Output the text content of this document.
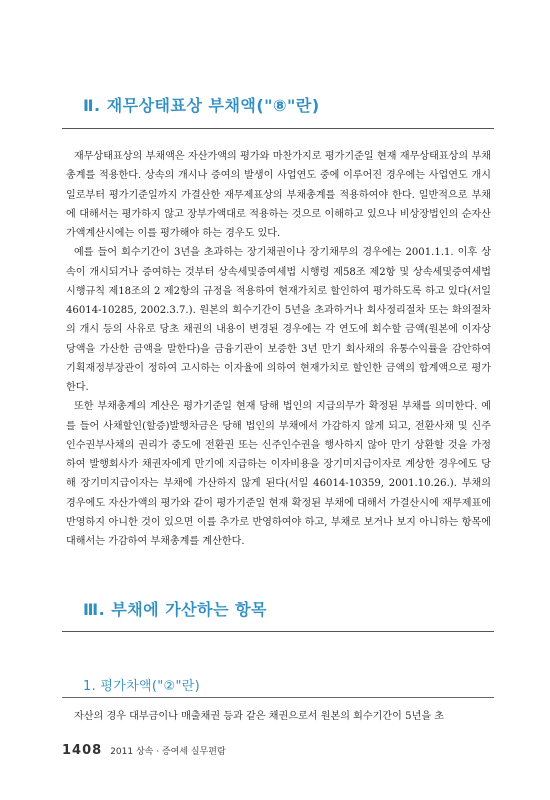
Ⅱ. 재무상태표상 부채액("⑧"란)

재무상태표상의 부채액은 자산가액의 평가와 마찬가지로 평가기준일 현재 재무상태표상의 부채총계를 적용한다. 상속의 개시나 증여의 발생이 사업연도 중에 이루어진 경우에는 사업연도 개시일로부터 평가기준일까지 가결산한 재무제표상의 부채총계를 적용하여야 한다. 일반적으로 부채에 대해서는 평가하지 않고 장부가액대로 적용하는 것으로 이해하고 있으나 비상장법인의 순자산가액계산시에는 이를 평가해야 하는 경우도 있다.

예를 들어 회수기간이 3년을 초과하는 장기채권이나 장기채무의 경우에는 2001.1.1. 이후 상속이 개시되거나 증여하는 것부터 상속세및증여세법 시행령 제58조 제2항 및 상속세및증여세법 시행규칙 제18조의 2 제2항의 규정을 적용하여 현재가치로 할인하여 평가하도록 하고 있다(서일 46014-10285, 2002.3.7.). 원본의 회수기간이 5년을 초과하거나 회사정리절차 또는 화의절차의 개시 등의 사유로 당초 채권의 내용이 변경된 경우에는 각 연도에 회수할 금액(원본에 이자상당액을 가산한 금액을 말한다)을 금융기관이 보증한 3년 만기 회사채의 유통수익률을 감안하여 기획재정부장관이 정하여 고시하는 이자율에 의하여 현재가치로 할인한 금액의 합계액으로 평가한다.

또한 부채총계의 계산은 평가기준일 현재 당해 법인의 지급의무가 확정된 부채를 의미한다. 예를 들어 사채할인(할증)발행차금은 당해 법인의 부채에서 가감하지 않게 되고, 전환사채 및 신주인수권부사채의 권리가 중도에 전환권 또는 신주인수권을 행사하지 않아 만기 상환할 것을 가정하여 발행회사가 채권자에게 만기에 지급하는 이자비용을 장기미지급이자로 계상한 경우에도 당해 장기미지급이자는 부채에 가산하지 않게 된다(서일 46014-10359, 2001.10.26.). 부채의 경우에도 자산가액의 평가와 같이 평가기준일 현재 확정된 부채에 대해서 가결산시에 재무제표에 반영하지 아니한 것이 있으면 이를 추가로 반영하여야 하고, 부채로 보거나 보지 아니하는 항목에 대해서는 가감하여 부채총계를 계산한다.

Ⅲ. 부채에 가산하는 항목
1. 평가차액("②"란)

자산의 경우 대부금이나 매출채권 등과 같은 채권으로서 원본의 회수기간이 5년을 초

1408 2011 상속 · 증여세 실무편람
